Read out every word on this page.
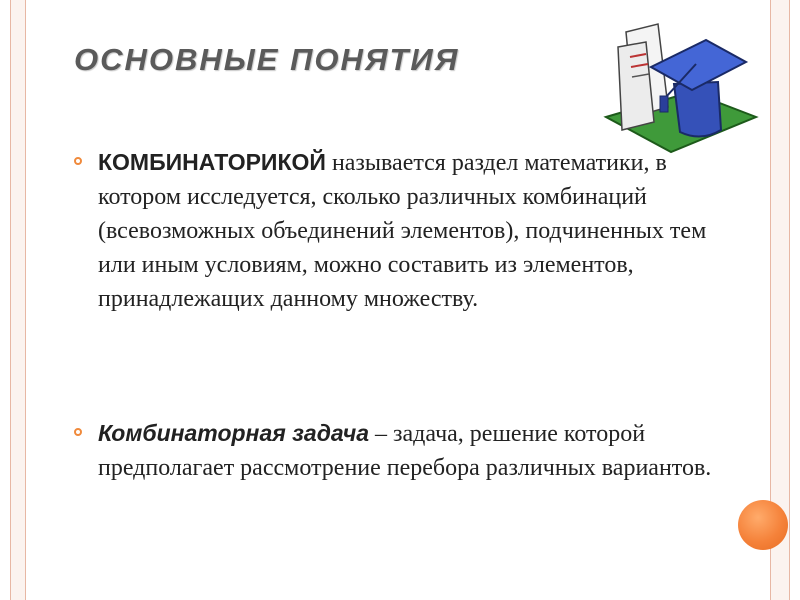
ОСНОВНЫЕ ПОНЯТИЯ
КОМБИНАТОРИКОЙ называется раздел математики, в котором исследуется, сколько различных комбинаций (всевозможных объединений элементов), подчиненных тем или иным условиям, можно составить из элементов, принадлежащих данному множеству.
Комбинаторная задача – задача, решение которой предполагает рассмотрение перебора различных вариантов.
